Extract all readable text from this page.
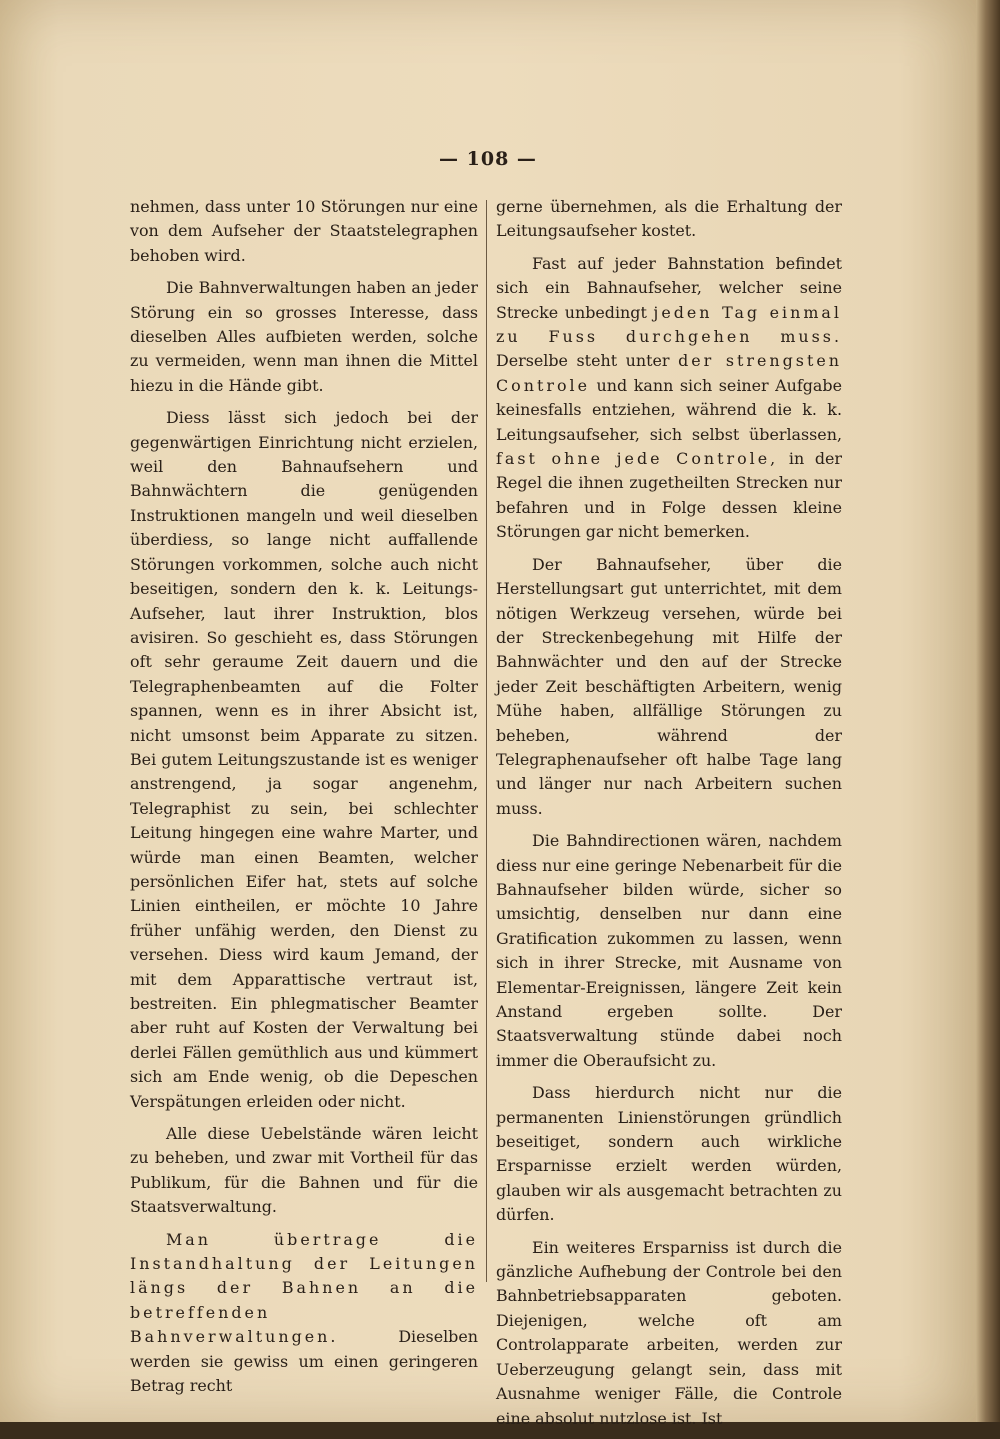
— 108 —

nehmen, dass unter 10 Störungen nur eine von dem Aufseher der Staatstelegraphen behoben wird.

Die Bahnverwaltungen haben an jeder Störung ein so grosses Interesse, dass dieselben Alles aufbieten werden, solche zu vermeiden, wenn man ihnen die Mittel hiezu in die Hände gibt.

Diess lässt sich jedoch bei der gegenwärtigen Einrichtung nicht erzielen, weil den Bahnaufsehern und Bahnwächtern die genügenden Instruktionen mangeln und weil dieselben überdiess, so lange nicht auffallende Störungen vorkommen, solche auch nicht beseitigen, sondern den k. k. Leitungs-Aufseher, laut ihrer Instruktion, blos avisiren. So geschieht es, dass Störungen oft sehr geraume Zeit dauern und die Telegraphenbeamten auf die Folter spannen, wenn es in ihrer Absicht ist, nicht umsonst beim Apparate zu sitzen. Bei gutem Leitungszustande ist es weniger anstrengend, ja sogar angenehm, Telegraphist zu sein, bei schlechter Leitung hingegen eine wahre Marter, und würde man einen Beamten, welcher persönlichen Eifer hat, stets auf solche Linien eintheilen, er möchte 10 Jahre früher unfähig werden, den Dienst zu versehen. Diess wird kaum Jemand, der mit dem Apparattische vertraut ist, bestreiten. Ein phlegmatischer Beamter aber ruht auf Kosten der Verwaltung bei derlei Fällen gemüthlich aus und kümmert sich am Ende wenig, ob die Depeschen Verspätungen erleiden oder nicht.

Alle diese Uebelstände wären leicht zu beheben, und zwar mit Vortheil für das Publikum, für die Bahnen und für die Staatsverwaltung.

Man übertrage die Instandhaltung der Leitungen längs der Bahnen an die betreffenden Bahnverwaltungen.	Dieselben werden sie gewiss um einen geringeren Betrag recht

gerne übernehmen, als die Erhaltung der Leitungsaufseher kostet.

Fast auf jeder Bahnstation befindet sich ein Bahnaufseher, welcher seine Strecke unbedingt jeden Tag einmal zu Fuss durchgehen muss. Derselbe steht unter der strengsten Controle und kann sich seiner Aufgabe keinesfalls entziehen, während die k. k. Leitungsaufseher, sich selbst überlassen, fast ohne jede Controle, in der Regel die ihnen zugetheilten Strecken nur befahren und in Folge dessen kleine Störungen gar nicht bemerken.

Der Bahnaufseher, über die Herstellungsart gut unterrichtet, mit dem nötigen Werkzeug versehen, würde bei der Streckenbegehung mit Hilfe der Bahnwächter und den auf der Strecke jeder Zeit beschäftigten Arbeitern, wenig Mühe haben, allfällige Störungen zu beheben, während der Telegraphenaufseher oft halbe Tage lang und länger nur nach Arbeitern suchen muss.

Die Bahndirectionen wären, nachdem diess nur eine geringe Nebenarbeit für die Bahnaufseher bilden würde, sicher so umsichtig, denselben nur dann eine Gratification zukommen zu lassen, wenn sich in ihrer Strecke, mit Ausname von Elementar-Ereignissen, längere Zeit kein Anstand ergeben sollte. Der Staatsverwaltung stünde dabei noch immer die Oberaufsicht zu.

Dass hierdurch nicht nur die permanenten Linienstörungen gründlich beseitiget, sondern auch wirkliche Ersparnisse erzielt werden würden, glauben wir als ausgemacht betrachten zu dürfen.

Ein weiteres Ersparniss ist durch die gänzliche Aufhebung der Controle bei den Bahnbetriebsapparaten geboten. Diejenigen, welche oft am Controlapparate arbeiten, werden zur Ueberzeugung gelangt sein, dass mit Ausnahme weniger Fälle, die Controle eine absolut nutzlose ist. Ist
